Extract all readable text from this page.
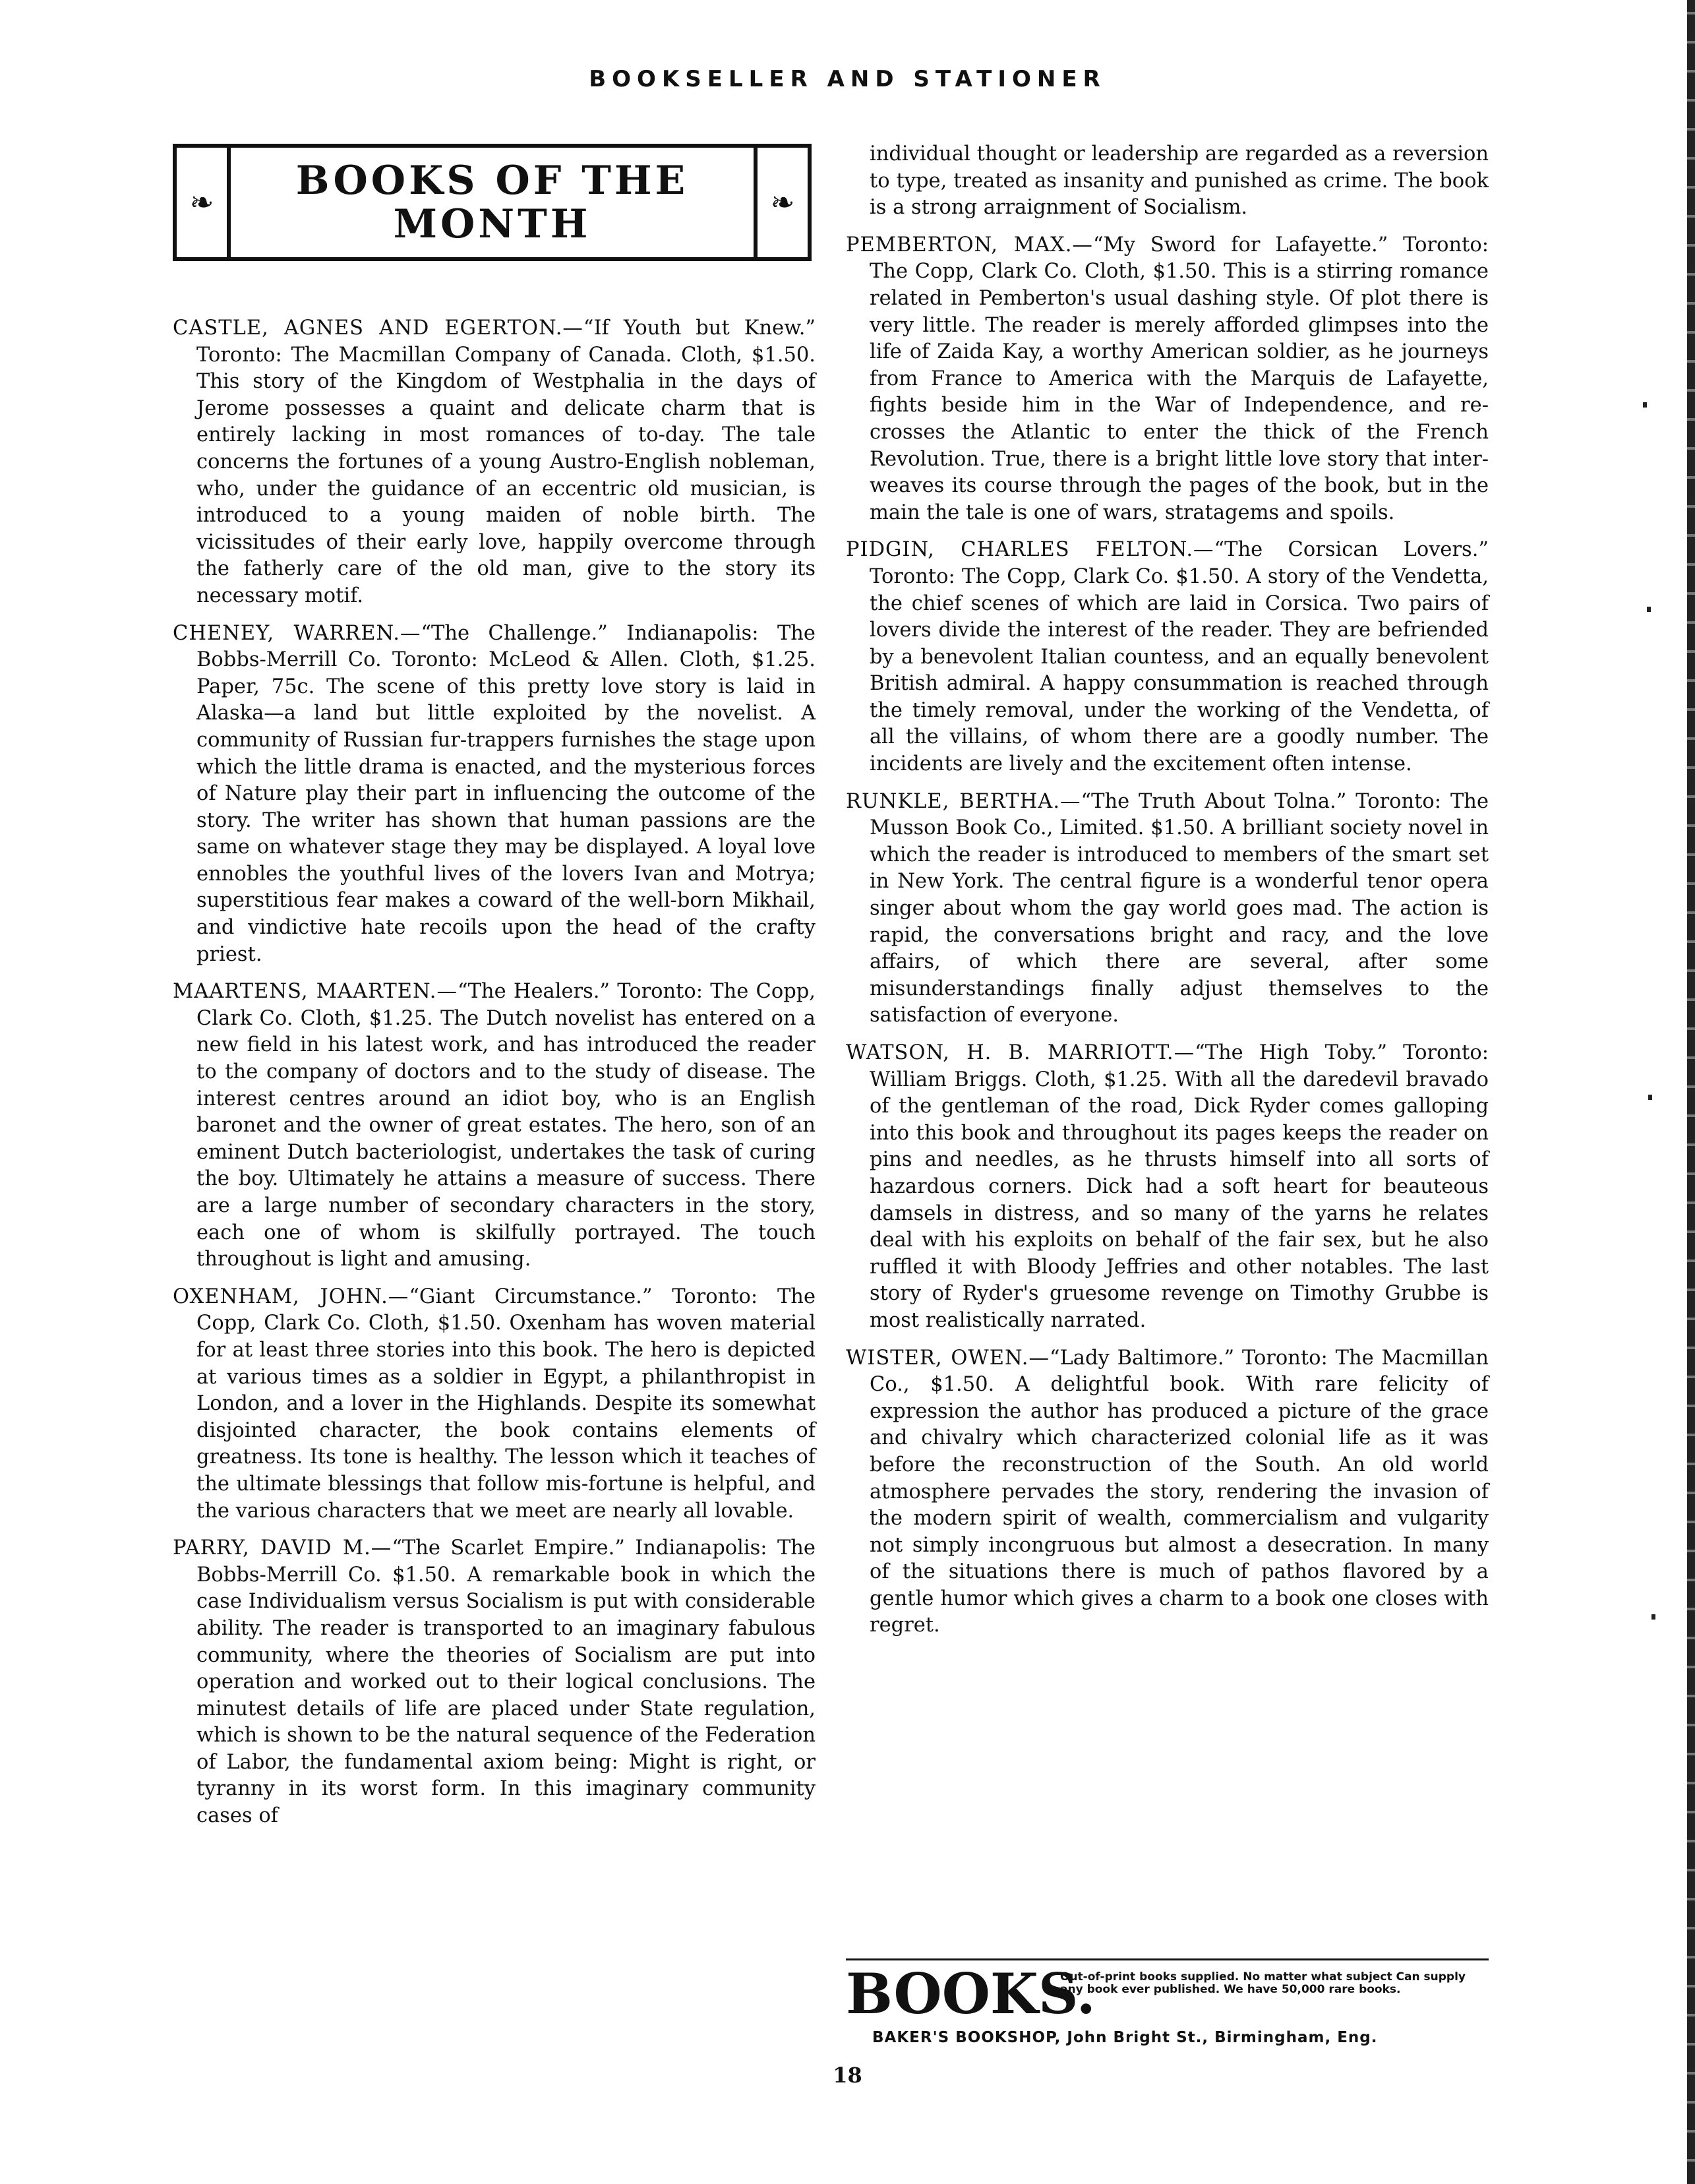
BOOKSELLER AND STATIONER
❧	BOOKS OF THE
MONTH	❧

CASTLE, AGNES AND EGERTON.—“If Youth but Knew.” Toronto: The Macmillan Company of Canada. Cloth, $1.50. This story of the Kingdom of Westphalia in the days of Jerome possesses a quaint and delicate charm that is entirely lacking in most romances of to-day. The tale concerns the fortunes of a young Austro-English nobleman, who, under the guidance of an eccentric old musician, is introduced to a young maiden of noble birth. The vicissitudes of their early love, happily overcome through the fatherly care of the old man, give to the story its necessary motif.

CHENEY, WARREN.—“The Challenge.” Indianapolis: The Bobbs-Merrill Co. Toronto: McLeod & Allen. Cloth, $1.25. Paper, 75c. The scene of this pretty love story is laid in Alaska—a land but little exploited by the novelist. A community of Russian fur-trappers furnishes the stage upon which the little drama is enacted, and the mysterious forces of Nature play their part in influencing the outcome of the story. The writer has shown that human passions are the same on whatever stage they may be displayed. A loyal love ennobles the youthful lives of the lovers Ivan and Motrya; superstitious fear makes a coward of the well-born Mikhail, and vindictive hate recoils upon the head of the crafty priest.

MAARTENS, MAARTEN.—“The Healers.” Toronto: The Copp, Clark Co. Cloth, $1.25. The Dutch novelist has entered on a new field in his latest work, and has introduced the reader to the company of doctors and to the study of disease. The interest centres around an idiot boy, who is an English baronet and the owner of great estates. The hero, son of an eminent Dutch bacteriologist, undertakes the task of curing the boy. Ultimately he attains a measure of success. There are a large number of secondary characters in the story, each one of whom is skilfully portrayed. The touch throughout is light and amusing.

OXENHAM, JOHN.—“Giant Circumstance.” Toronto: The Copp, Clark Co. Cloth, $1.50. Oxenham has woven material for at least three stories into this book. The hero is depicted at various times as a soldier in Egypt, a philanthropist in London, and a lover in the Highlands. Despite its somewhat disjointed character, the book contains elements of greatness. Its tone is healthy. The lesson which it teaches of the ultimate blessings that follow mis-fortune is helpful, and the various characters that we meet are nearly all lovable.

PARRY, DAVID M.—“The Scarlet Empire.” Indianapolis: The Bobbs-Merrill Co. $1.50. A remarkable book in which the case Individualism versus Socialism is put with considerable ability. The reader is transported to an imaginary fabulous community, where the theories of Socialism are put into operation and worked out to their logical conclusions. The minutest details of life are placed under State regulation, which is shown to be the natural sequence of the Federation of Labor, the fundamental axiom being: Might is right, or tyranny in its worst form. In this imaginary community cases of

individual thought or leadership are regarded as a reversion to type, treated as insanity and punished as crime. The book is a strong arraignment of Socialism.

PEMBERTON, MAX.—“My Sword for Lafayette.” Toronto: The Copp, Clark Co. Cloth, $1.50. This is a stirring romance related in Pemberton's usual dashing style. Of plot there is very little. The reader is merely afforded glimpses into the life of Zaida Kay, a worthy American soldier, as he journeys from France to America with the Marquis de Lafayette, fights beside him in the War of Independence, and re-crosses the Atlantic to enter the thick of the French Revolution. True, there is a bright little love story that inter-weaves its course through the pages of the book, but in the main the tale is one of wars, stratagems and spoils.

PIDGIN, CHARLES FELTON.—“The Corsican Lovers.” Toronto: The Copp, Clark Co. $1.50. A story of the Vendetta, the chief scenes of which are laid in Corsica. Two pairs of lovers divide the interest of the reader. They are befriended by a benevolent Italian countess, and an equally benevolent British admiral. A happy consummation is reached through the timely removal, under the working of the Vendetta, of all the villains, of whom there are a goodly number. The incidents are lively and the excitement often intense.

RUNKLE, BERTHA.—“The Truth About Tolna.” Toronto: The Musson Book Co., Limited. $1.50. A brilliant society novel in which the reader is introduced to members of the smart set in New York. The central figure is a wonderful tenor opera singer about whom the gay world goes mad. The action is rapid, the conversations bright and racy, and the love affairs, of which there are several, after some misunderstandings finally adjust themselves to the satisfaction of everyone.

WATSON, H. B. MARRIOTT.—“The High Toby.” Toronto: William Briggs. Cloth, $1.25. With all the daredevil bravado of the gentleman of the road, Dick Ryder comes galloping into this book and throughout its pages keeps the reader on pins and needles, as he thrusts himself into all sorts of hazardous corners. Dick had a soft heart for beauteous damsels in distress, and so many of the yarns he relates deal with his exploits on behalf of the fair sex, but he also ruffled it with Bloody Jeffries and other notables. The last story of Ryder's gruesome revenge on Timothy Grubbe is most realistically narrated.

WISTER, OWEN.—“Lady Baltimore.” Toronto: The Macmillan Co., $1.50. A delightful book. With rare felicity of expression the author has produced a picture of the grace and chivalry which characterized colonial life as it was before the reconstruction of the South. An old world atmosphere pervades the story, rendering the invasion of the modern spirit of wealth, commercialism and vulgarity not simply incongruous but almost a desecration. In many of the situations there is much of pathos flavored by a gentle humor which gives a charm to a book one closes with regret.

BOOKS.
Out-of-print books supplied. No matter what subject Can supply any book ever published. We have 50,000 rare books.
BAKER'S BOOKSHOP, John Bright St., Birmingham, Eng.
18
